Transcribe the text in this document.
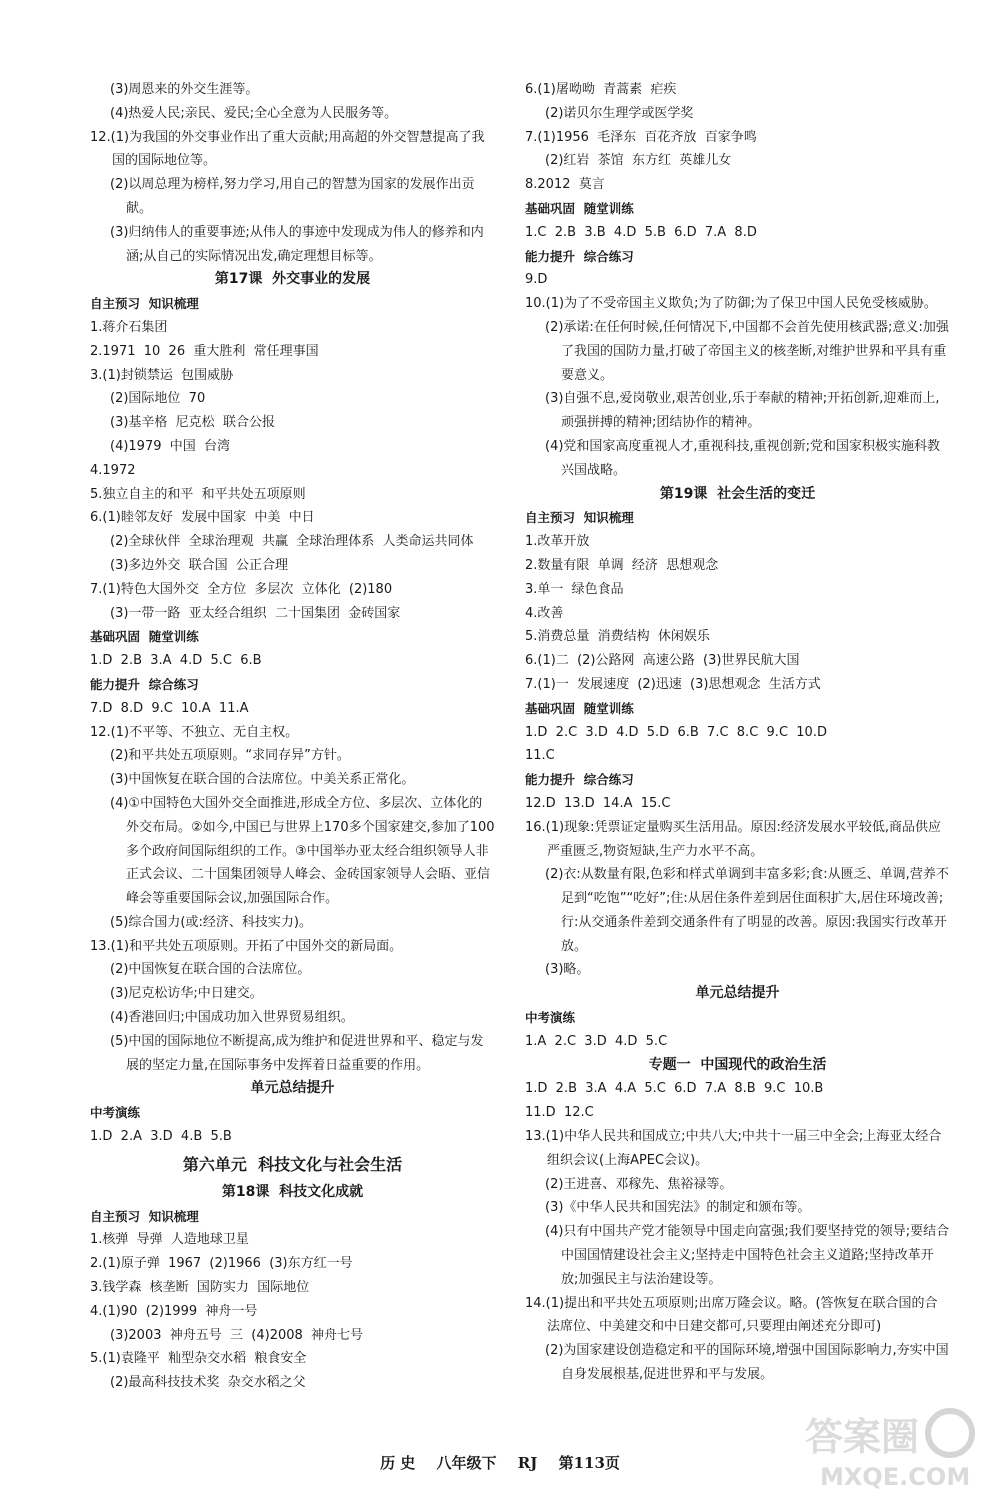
(3)周恩来的外交生涯等。
(4)热爱人民;亲民、爱民;全心全意为人民服务等。
12.(1)为我国的外交事业作出了重大贡献;用高超的外交智慧提高了我国的国际地位等。
(2)以周总理为榜样,努力学习,用自己的智慧为国家的发展作出贡献。
(3)归纳伟人的重要事迹;从伟人的事迹中发现成为伟人的修养和内涵;从自己的实际情况出发,确定理想目标等。
第17课  外交事业的发展
自主预习  知识梳理
1.蒋介石集团
2.1971  10  26  重大胜利  常任理事国
3.(1)封锁禁运  包围威胁
(2)国际地位  70
(3)基辛格  尼克松  联合公报
(4)1979  中国  台湾
4.1972
5.独立自主的和平  和平共处五项原则
6.(1)睦邻友好  发展中国家  中美  中日
(2)全球伙伴  全球治理观  共赢  全球治理体系  人类命运共同体
(3)多边外交  联合国  公正合理
7.(1)特色大国外交  全方位  多层次  立体化  (2)180
(3)一带一路  亚太经合组织  二十国集团  金砖国家
基础巩固  随堂训练
1.D  2.B  3.A  4.D  5.C  6.B
能力提升  综合练习
7.D  8.D  9.C  10.A  11.A
12.(1)不平等、不独立、无自主权。
(2)和平共处五项原则。“求同存异”方针。
(3)中国恢复在联合国的合法席位。中美关系正常化。
(4)①中国特色大国外交全面推进,形成全方位、多层次、立体化的外交布局。②如今,中国已与世界上170多个国家建交,参加了100多个政府间国际组织的工作。③中国举办亚太经合组织领导人非正式会议、二十国集团领导人峰会、金砖国家领导人会晤、亚信峰会等重要国际会议,加强国际合作。
(5)综合国力(或:经济、科技实力)。
13.(1)和平共处五项原则。开拓了中国外交的新局面。
(2)中国恢复在联合国的合法席位。
(3)尼克松访华;中日建交。
(4)香港回归;中国成功加入世界贸易组织。
(5)中国的国际地位不断提高,成为维护和促进世界和平、稳定与发展的坚定力量,在国际事务中发挥着日益重要的作用。
单元总结提升
中考演练
1.D  2.A  3.D  4.B  5.B
第六单元  科技文化与社会生活
第18课  科技文化成就
自主预习  知识梳理
1.核弹  导弹  人造地球卫星
2.(1)原子弹  1967  (2)1966  (3)东方红一号
3.钱学森  核垄断  国防实力  国际地位
4.(1)90  (2)1999  神舟一号
(3)2003  神舟五号  三  (4)2008  神舟七号
5.(1)袁隆平  籼型杂交水稻  粮食安全
(2)最高科技技术奖  杂交水稻之父
6.(1)屠呦呦  青蒿素  疟疾
(2)诺贝尔生理学或医学奖
7.(1)1956  毛泽东  百花齐放  百家争鸣
(2)红岩  茶馆  东方红  英雄儿女
8.2012  莫言
基础巩固  随堂训练
1.C  2.B  3.B  4.D  5.B  6.D  7.A  8.D
能力提升  综合练习
9.D
10.(1)为了不受帝国主义欺负;为了防御;为了保卫中国人民免受核威胁。
(2)承诺:在任何时候,任何情况下,中国都不会首先使用核武器;意义:加强了我国的国防力量,打破了帝国主义的核垄断,对维护世界和平具有重要意义。
(3)自强不息,爱岗敬业,艰苦创业,乐于奉献的精神;开拓创新,迎难而上,顽强拼搏的精神;团结协作的精神。
(4)党和国家高度重视人才,重视科技,重视创新;党和国家积极实施科教兴国战略。
第19课  社会生活的变迁
自主预习  知识梳理
1.改革开放
2.数量有限  单调  经济  思想观念
3.单一  绿色食品
4.改善
5.消费总量  消费结构  休闲娱乐
6.(1)二  (2)公路网  高速公路  (3)世界民航大国
7.(1)一  发展速度  (2)迅速  (3)思想观念  生活方式
基础巩固  随堂训练
1.D  2.C  3.D  4.D  5.D  6.B  7.C  8.C  9.C  10.D
11.C
能力提升  综合练习
12.D  13.D  14.A  15.C
16.(1)现象:凭票证定量购买生活用品。原因:经济发展水平较低,商品供应严重匮乏,物资短缺,生产力水平不高。
(2)衣:从数量有限,色彩和样式单调到丰富多彩;食:从匮乏、单调,营养不足到“吃饱”“吃好”;住:从居住条件差到居住面积扩大,居住环境改善;行:从交通条件差到交通条件有了明显的改善。原因:我国实行改革开放。
(3)略。
单元总结提升
中考演练
1.A  2.C  3.D  4.D  5.C
专题一  中国现代的政治生活
1.D  2.B  3.A  4.A  5.C  6.D  7.A  8.B  9.C  10.B
11.D  12.C
13.(1)中华人民共和国成立;中共八大;中共十一届三中全会;上海亚太经合组织会议(上海APEC会议)。
(2)王进喜、邓稼先、焦裕禄等。
(3)《中华人民共和国宪法》的制定和颁布等。
(4)只有中国共产党才能领导中国走向富强;我们要坚持党的领导;要结合中国国情建设社会主义;坚持走中国特色社会主义道路;坚持改革开放;加强民主与法治建设等。
14.(1)提出和平共处五项原则;出席万隆会议。略。(答恢复在联合国的合法席位、中美建交和中日建交都可,只要理由阐述充分即可)
(2)为国家建设创造稳定和平的国际环境,增强中国国际影响力,夯实中国自身发展根基,促进世界和平与发展。
历 史 八年级下 RJ 第113页
答案圈
MXQE.COM
